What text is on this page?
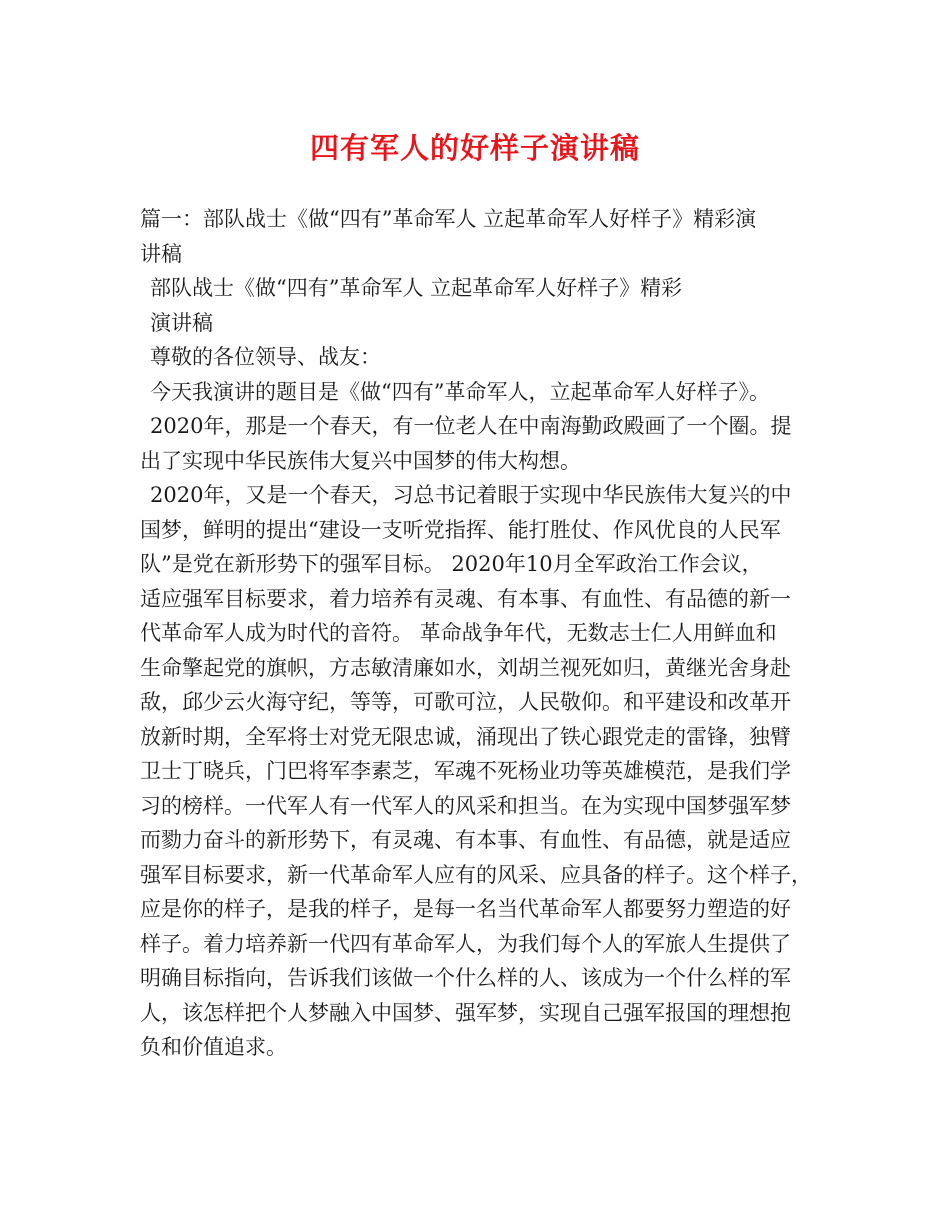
四有军人的好样子演讲稿
篇一：部队战士《做“四有”革命军人 立起革命军人好样子》精彩演
讲稿
部队战士《做“四有”革命军人 立起革命军人好样子》精彩
演讲稿
尊敬的各位领导、战友：
今天我演讲的题目是《做“四有”革命军人，立起革命军人好样子》。
2020年，那是一个春天，有一位老人在中南海勤政殿画了一个圈。提
出了实现中华民族伟大复兴中国梦的伟大构想。
2020年，又是一个春天，习总书记着眼于实现中华民族伟大复兴的中
国梦，鲜明的提出“建设一支听党指挥、能打胜仗、作风优良的人民军
队”是党在新形势下的强军目标。 2020年10月全军政治工作会议，
适应强军目标要求，着力培养有灵魂、有本事、有血性、有品德的新一
代革命军人成为时代的音符。 革命战争年代，无数志士仁人用鲜血和
生命擎起党的旗帜，方志敏清廉如水，刘胡兰视死如归，黄继光舍身赴
敌，邱少云火海守纪，等等，可歌可泣，人民敬仰。和平建设和改革开
放新时期，全军将士对党无限忠诚，涌现出了铁心跟党走的雷锋，独臂
卫士丁晓兵，门巴将军李素芝，军魂不死杨业功等英雄模范，是我们学
习的榜样。一代军人有一代军人的风采和担当。在为实现中国梦强军梦
而勠力奋斗的新形势下，有灵魂、有本事、有血性、有品德，就是适应
强军目标要求，新一代革命军人应有的风采、应具备的样子。这个样子，
应是你的样子，是我的样子，是每一名当代革命军人都要努力塑造的好
样子。着力培养新一代四有革命军人，为我们每个人的军旅人生提供了
明确目标指向，告诉我们该做一个什么样的人、该成为一个什么样的军
人，该怎样把个人梦融入中国梦、强军梦，实现自己强军报国的理想抱
负和价值追求。
